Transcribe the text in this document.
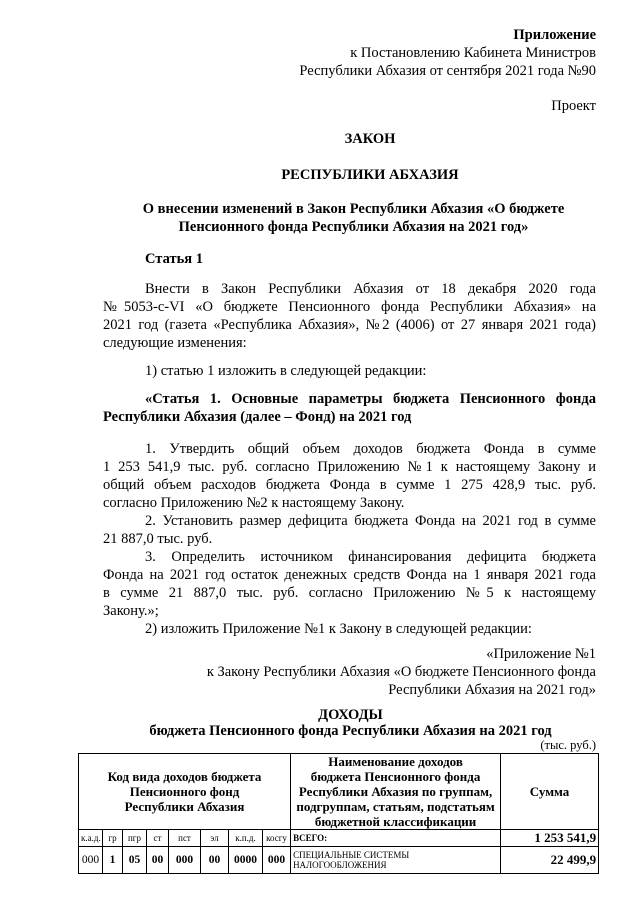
Приложение
к Постановлению Кабинета Министров
Республики Абхазия от сентября 2021 года №90
Проект
ЗАКОН
РЕСПУБЛИКИ АБХАЗИЯ
О внесении изменений в Закон Республики Абхазия «О бюджете
Пенсионного фонда Республики Абхазия на 2021 год»
Статья 1
Внести в Закон Республики Абхазия от 18 декабря 2020 года
№5053-с-VI «О бюджете Пенсионного фонда Республики Абхазия» на
2021 год (газета «Республика Абхазия», №2 (4006) от 27 января 2021 года)
следующие изменения:
1) статью 1 изложить в следующей редакции:
«Статья 1. Основные параметры бюджета Пенсионного фонда
Республики Абхазия (далее – Фонд) на 2021 год
1. Утвердить общий объем доходов бюджета Фонда в сумме
1 253 541,9 тыс. руб. согласно Приложению №1 к настоящему Закону и
общий объем расходов бюджета Фонда в сумме 1 275 428,9 тыс. руб.
согласно Приложению №2 к настоящему Закону.
2. Установить размер дефицита бюджета Фонда на 2021 год в сумме
21 887,0 тыс. руб.
3. Определить источником финансирования дефицита бюджета
Фонда на 2021 год остаток денежных средств Фонда на 1 января 2021 года
в сумме 21 887,0 тыс. руб. согласно Приложению №5 к настоящему
Закону.»;
2) изложить Приложение №1 к Закону в следующей редакции:
«Приложение №1
к Закону Республики Абхазия «О бюджете Пенсионного фонда
Республики Абхазия на 2021 год»
ДОХОДЫ
бюджета Пенсионного фонда Республики Абхазия на 2021 год
(тыс. руб.)
Код вида доходов бюджета
Пенсионного фонд
Республики Абхазия								Наименование доходов
бюджета Пенсионного фонда
Республики Абхазия по группам,
подгруппам, статьям, подстатьям
бюджетной классификации	Сумма
к.а.д.	гр	пгр	ст	пст	эл	к.п.д.	косгу	ВСЕГО:	1 253 541,9
000	1	05	00	000	00	0000	000	СПЕЦИАЛЬНЫЕ СИСТЕМЫ НАЛОГООБЛОЖЕНИЯ	22 499,9
